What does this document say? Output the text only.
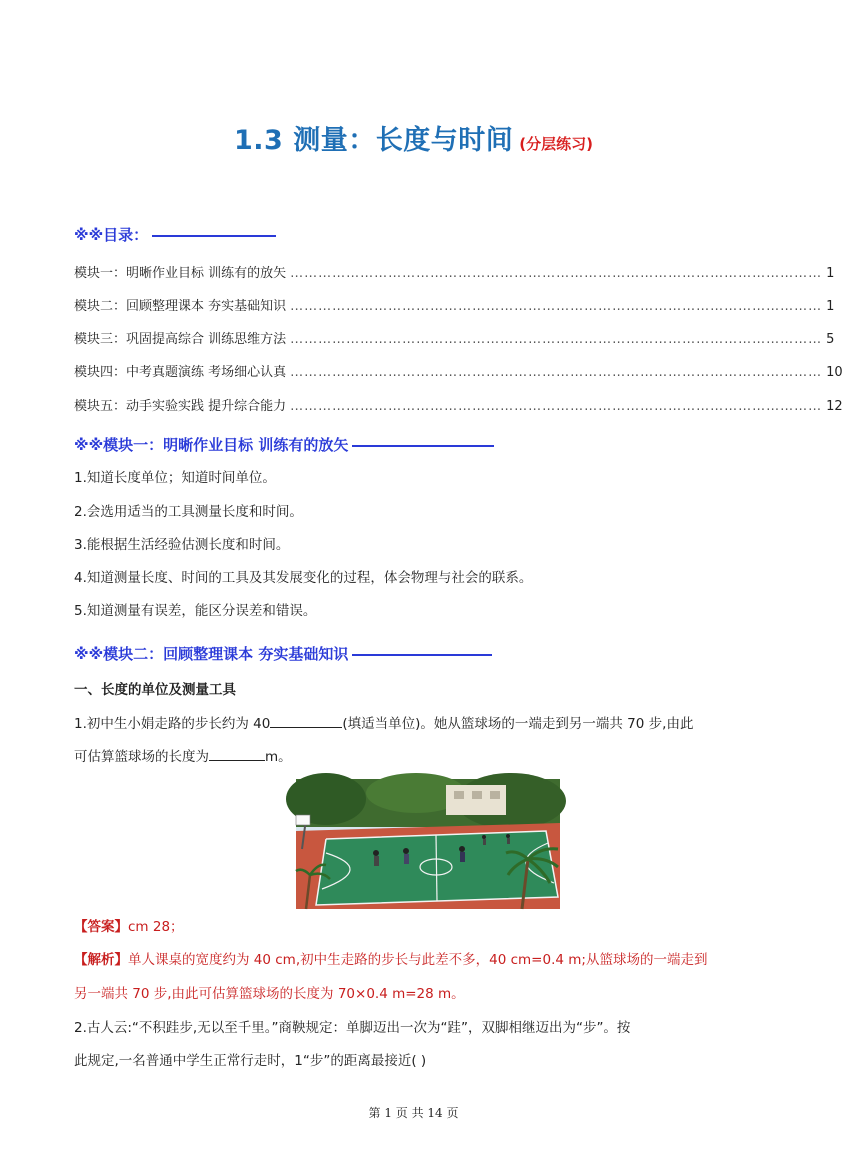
1.3 测量：长度与时间 (分层练习)
※※目录：
模块一：明晰作业目标 训练有的放矢 …………………………………………………………………………………………………… 1
模块二：回顾整理课本 夯实基础知识 …………………………………………………………………………………………………… 1
模块三：巩固提高综合 训练思维方法 …………………………………………………………………………………………………… 5
模块四：中考真题演练 考场细心认真 …………………………………………………………………………………………………… 10
模块五：动手实验实践 提升综合能力 …………………………………………………………………………………………………… 12
※※模块一：明晰作业目标 训练有的放矢
1.知道长度单位；知道时间单位。
2.会选用适当的工具测量长度和时间。
3.能根据生活经验估测长度和时间。
4.知道测量长度、时间的工具及其发展变化的过程，体会物理与社会的联系。
5.知道测量有误差，能区分误差和错误。
※※模块二：回顾整理课本 夯实基础知识
一、长度的单位及测量工具
1.初中生小娟走路的步长约为 40	(填适当单位)。她从篮球场的一端走到另一端共 70 步,由此
可估算篮球场的长度为	m。
【答案】cm 28；
【解析】单人课桌的宽度约为 40 cm,初中生走路的步长与此差不多，40 cm=0.4 m;从篮球场的一端走到
另一端共 70 步,由此可估算篮球场的长度为 70×0.4 m=28 m。
2.古人云:“不积跬步,无以至千里。”商鞅规定：单脚迈出一次为“跬”，双脚相继迈出为“步”。按
此规定,一名普通中学生正常行走时，1“步”的距离最接近( )
第 1 页 共 14 页
